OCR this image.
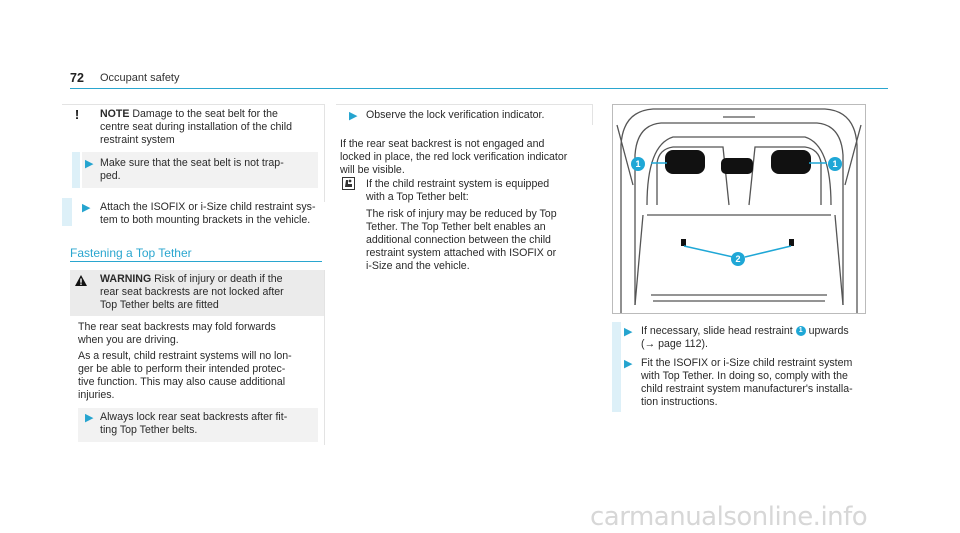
72 Occupant safety
! NOTE Damage to the seat belt for the
centre seat during installation of the child
restraint system
▶ Make sure that the seat belt is not trap-
ped.
▶ Attach the ISOFIX or i-Size child restraint sys-
tem to both mounting brackets in the vehicle.
Fastening a Top Tether
WARNING Risk of injury or death if the
rear seat backrests are not locked after
Top Tether belts are fitted
The rear seat backrests may fold forwards
when you are driving.
As a result, child restraint systems will no lon-
ger be able to perform their intended protec-
tive function. This may also cause additional
injuries.
▶ Always lock rear seat backrests after fit-
ting Top Tether belts.
▶ Observe the lock verification indicator.
If the rear seat backrest is not engaged and
locked in place, the red lock verification indicator
will be visible.
If the child restraint system is equipped
with a Top Tether belt:
The risk of injury may be reduced by Top
Tether. The Top Tether belt enables an
additional connection between the child
restraint system attached with ISOFIX or
i-Size and the vehicle.
1	1
2
▶ If necessary, slide head restraint 1 upwards
(→ page 112).
▶ Fit the ISOFIX or i-Size child restraint system
with Top Tether. In doing so, comply with the
child restraint system manufacturer's installa-
tion instructions.
carmanualsonline.info
